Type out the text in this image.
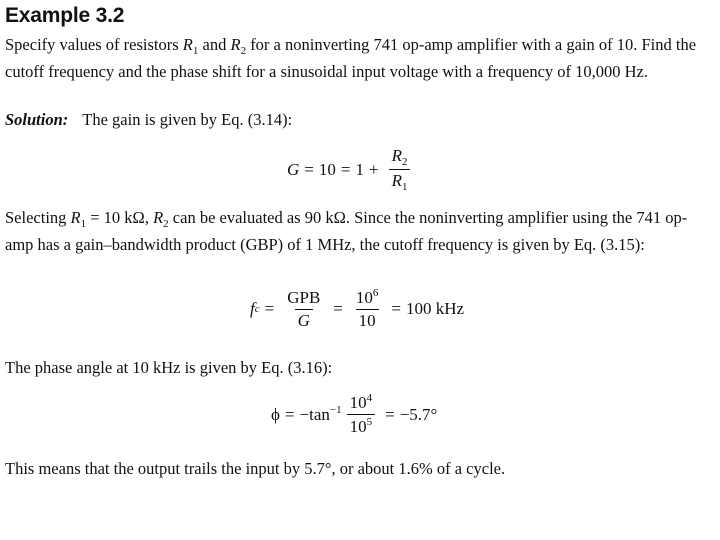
Example 3.2
Specify values of resistors $R_1$ and $R_2$ for a noninverting 741 op-amp amplifier with a gain of 10. Find the cutoff frequency and the phase shift for a sinusoidal input voltage with a frequency of 10,000 Hz.
Solution: The gain is given by Eq. (3.14):
$G = 10 = 1 + \frac{R_2}{R_1}$
Selecting $R_1 = 10$ kΩ, $R_2$ can be evaluated as 90 kΩ. Since the noninverting amplifier using the 741 op-amp has a gain–bandwidth product (GBP) of 1 MHz, the cutoff frequency is given by Eq. (3.15):
f $c = \frac{\text{GPB}}{G} = \frac{10^6}{10} = 100$ kHz
The phase angle at 10 kHz is given by Eq. (3.16):
$\phi = -\tan^{-1} \frac{10^4}{10^5} = -5.7^\circ$
This means that the output trails the input by 5.7°, or about 1.6% of a cycle.
